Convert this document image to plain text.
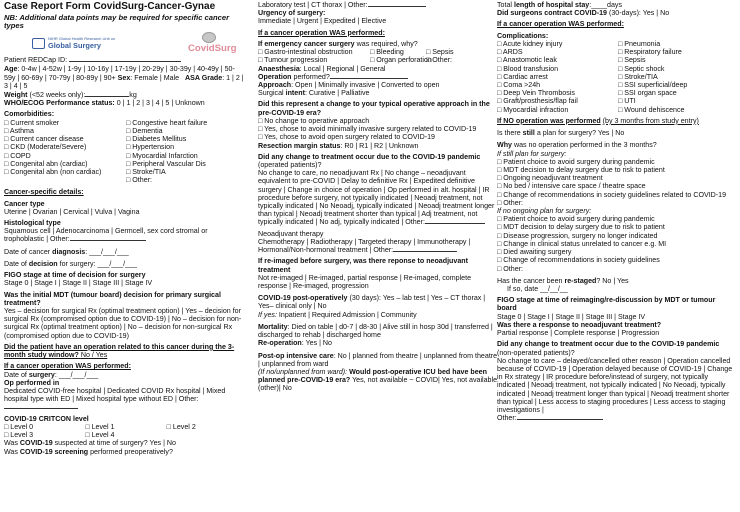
Case Report Form CovidSurg-Cancer-Gynae
NB: Additional data points may be required for specific cancer types
NIHR Global Health Research Unit on
Global Surgery	CovidSurg
Patient REDCap ID:
Age: 0-4w | 4-52w | 1-9y | 10-16y | 17-19y | 20-29y | 30-39y | 40-49y | 50-59y | 60-69y | 70-79y | 80-89y | 90+ Sex: Female | Male ASA Grade: 1 | 2 | 3 | 4 | 5
Weight (<52 weeks only):	kg
WHO/ECOG Performance status: 0 | 1 | 2 | 3 | 4 | 5 | Unknown
Comorbidities:
□ Current smoker
□ Asthma
□ Current cancer disease
□ CKD (Moderate/Severe)
□ COPD
□ Congenital abn (cardiac)
□ Congenital abn (non cardiac)
□ Congestive heart failure
□ Dementia
□ Diabetes Mellitus
□ Hypertension
□ Myocardial Infarction
□ Peripheral Vascular Dis
□ Stroke/TIA
□ Other:
Cancer-specific details:
Cancer type
Uterine | Ovarian | Cervical | Vulva | Vagina
Histological type
Squamous cell | Adenocarcinoma | Germcell, sex cord stromal or trophoblastic | Other:
Date of cancer diagnosis: ___/___/___
Date of decision for surgery: ___/___/___
FIGO stage at time of decision for surgery
Stage 0 | Stage I | Stage II | Stage III | Stage IV
Was the initial MDT (tumour board) decision for primary surgical treatment?
Yes – decision for surgical Rx (optimal treatment option) | Yes – decision for surgical Rx (compromised option due to COVID-19) | No – decision for non-surgical Rx (optimal treatment option) | No – decision for non-surgical Rx (compromised option due to COVID-19)
Did the patient have an operation related to this cancer during the 3-month study window? No / Yes
If a cancer operation WAS performed:
Date of surgery: ___/___/___
Op performed in
Dedicated COVID-free hospital | Dedicated COVID Rx hospital | Mixed hospital type with ED | Mixed hospital type without ED | Other:
COVID-19 CRITCON level
□ Level 0	□ Level 1	□ Level 2
□ Level 3	□ Level 4
Was COVID-19 suspected at time of surgery? Yes | No
Was COVID-19 screening performed preoperatively?
Laboratory test | CT thorax | Other:
Urgency of surgery:
Immediate | Urgent | Expedited | Elective
If a cancer operation WAS performed:
If emergency cancer surgery was required, why?
□ Gastro-intestinal obstruction	□ Bleeding	□ Sepsis
□ Tumour progression	□ Organ perforation
□ Other:
Anaesthesia: Local | Regional | General
Operation performed?
Approach: Open | Minimally invasive | Converted to open
Surgical intent: Curative | Palliative
Did this represent a change to your typical operative approach in the pre-COVID-19 era?
□ No change to operative approach
□ Yes, chose to avoid minimally invasive surgery related to COVID-19
□ Yes, chose to avoid open surgery related to COVID-19
Resection margin status: R0 | R1 | R2 | Unknown
Did any change to treatment occur due to the COVID-19 pandemic (operated patients)?
No change to care, no neoadjuvant Rx | No change – neoadjuvant equivalent to pre-COVID | Delay to definitive Rx | Expedited definitive surgery | Change in choice of operation | Op performed in alt. hospital | IR procedure before surgery, not typically indicated | Neoadj treatment, not typically indicated | No Neoadj, typically indicated | Neoadj treatment longer than typical | Neoadj treatment shorter than typical | Adj treatment, not typically indicated | No adj, typically indicated | Other:
Neoadjuvant therapy
Chemotherapy | Radiotherapy | Targeted therapy | Immunotherapy | Hormonal/Non-hormonal treatment | Other:
If re-imaged before surgery, was there reponse to neoadjuvant treatment
Not re-imaged | Re-imaged, partial response | Re-imaged, complete response | Re-imaged, progression
COVID-19 post-operatively (30 days): Yes – lab test | Yes – CT thorax | Yes– clinical only | No
If yes: Inpatient | Required Admission | Community
Mortality: Died on table | d0-7 | d8-30 | Alive still in hosp 30d | transferred | discharged to rehab | discharged home
Re-operation: Yes | No
Post-op intensive care: No | planned from theatre | unplanned from theatre | unplanned from ward
(If no/unplanned from ward): Would post-operative ICU bed have been planned pre-COVID-19 era? Yes, not available ~ COVID| Yes, not available (other)| No
Total length of hospital stay:____days
Did surgeons contract COVID-19 (30-days): Yes | No
If a cancer operation WAS performed:
Complications:
□ Acute kidney injury
□ ARDS
□ Anastomotic leak
□ Blood transfusion
□ Cardiac arrest
□ Coma >24h
□ Deep Vein Thrombosis
□ Graft/prosthesis/flap fail
□ Myocardial infraction
□ Pneumonia
□ Respiratory failure
□ Sepsis
□ Septic shock
□ Stroke/TIA
□ SSI superficial/deep
□ SSI organ space
□ UTI
□ Wound dehiscence
If NO operation was performed (by 3 months from study entry)
Is there still a plan for surgery? Yes | No
Why was no operation performed in the 3 months?
If still plan for surgery:
□ Patient choice to avoid surgery during pandemic
□ MDT decision to delay surgery due to risk to patient
□ Ongoing neoadjuvant treatment
□ No bed / intensive care space / theatre space
□ Change of recommendations in society guidelines related to COVID-19
□ Other:
If no ongoing plan for surgery:
□ Patient choice to avoid surgery during pandemic
□ MDT decision to delay surgery due to risk to patient
□ Disease progression, surgery no longer indicated
□ Change in clinical status unrelated to cancer e.g. MI
□ Died awaiting surgery
□ Change of recommendations in society guidelines
□ Other:
Has the cancer been re-staged? No | Yes
If so, date __/__/__
FIGO stage at time of reimaging/re-discussion by MDT or tumour board
Stage 0 | Stage I | Stage II | Stage III | Stage IV
Was there a response to neoadjuvant treatment?
Partial response | Complete response | Progression
Did any change to treatment occur due to the COVID-19 pandemic (non-operated patients)?
No change to care – delayed/cancelled other reason | Operation cancelled because of COVID-19 | Operation delayed because of COVID-19 | Change in Rx strategy | IR procedure before/instead of surgery, not typically indicated | Neoadj treatment, not typically indicated | No Neoadj, typically indicated | Neoadj treatment longer than typical | Neoadj treatment shorter than typical | Less access to staging procedures | Less access to staging investigations |
Other:
